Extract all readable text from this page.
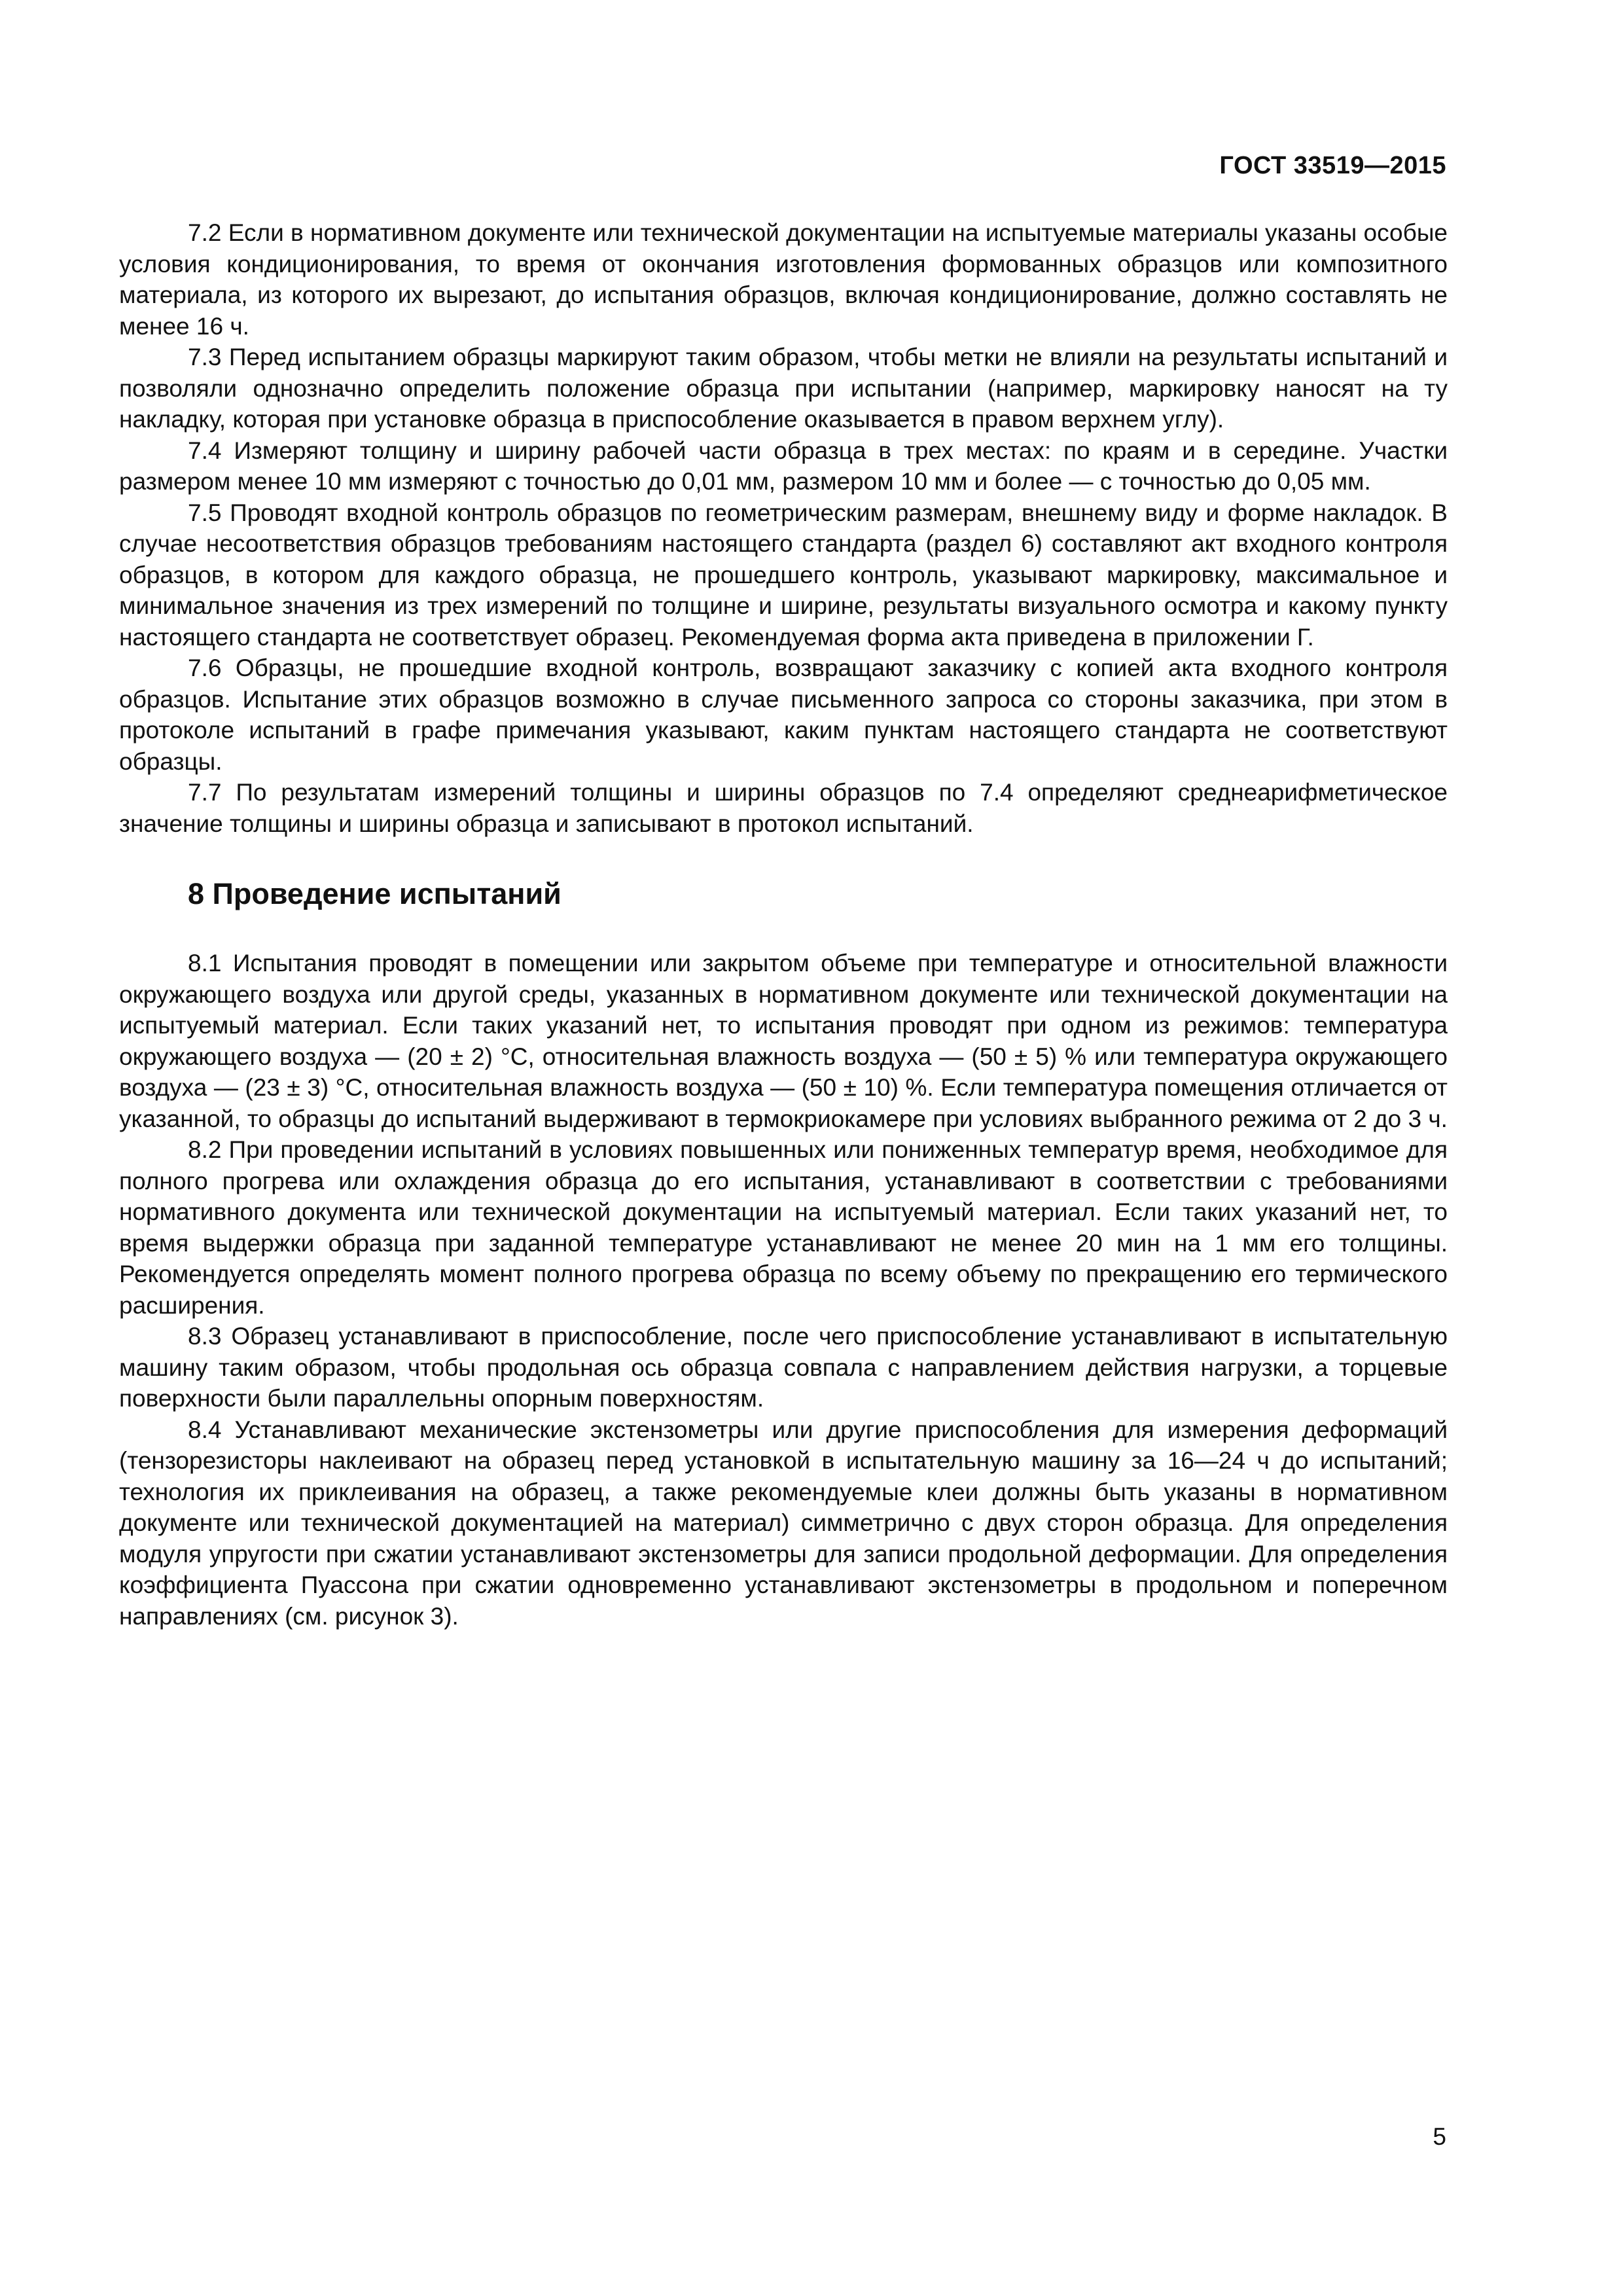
ГОСТ 33519—2015

7.2 Если в нормативном документе или технической документации на испытуемые материалы указаны особые условия кондиционирования, то время от окончания изготовления формованных образцов или композитного материала, из которого их вырезают, до испытания образцов, включая кондиционирование, должно составлять не менее 16 ч.

7.3 Перед испытанием образцы маркируют таким образом, чтобы метки не влияли на результаты испытаний и позволяли однозначно определить положение образца при испытании (например, маркировку наносят на ту накладку, которая при установке образца в приспособление оказывается в правом верхнем углу).

7.4 Измеряют толщину и ширину рабочей части образца в трех местах: по краям и в середине. Участки размером менее 10 мм измеряют с точностью до 0,01 мм, размером 10 мм и более — с точностью до 0,05 мм.

7.5 Проводят входной контроль образцов по геометрическим размерам, внешнему виду и форме накладок. В случае несоответствия образцов требованиям настоящего стандарта (раздел 6) составляют акт входного контроля образцов, в котором для каждого образца, не прошедшего контроль, указывают маркировку, максимальное и минимальное значения из трех измерений по толщине и ширине, результаты визуального осмотра и какому пункту настоящего стандарта не соответствует образец. Рекомендуемая форма акта приведена в приложении Г.

7.6 Образцы, не прошедшие входной контроль, возвращают заказчику с копией акта входного контроля образцов. Испытание этих образцов возможно в случае письменного запроса со стороны заказчика, при этом в протоколе испытаний в графе примечания указывают, каким пунктам настоящего стандарта не соответствуют образцы.

7.7 По результатам измерений толщины и ширины образцов по 7.4 определяют среднеарифметическое значение толщины и ширины образца и записывают в протокол испытаний.

8 Проведение испытаний

8.1 Испытания проводят в помещении или закрытом объеме при температуре и относительной влажности окружающего воздуха или другой среды, указанных в нормативном документе или технической документации на испытуемый материал. Если таких указаний нет, то испытания проводят при одном из режимов: температура окружающего воздуха — (20 ± 2) °С, относительная влажность воздуха — (50 ± 5) % или температура окружающего воздуха — (23 ± 3) °С, относительная влажность воздуха — (50 ± 10) %. Если температура помещения отличается от указанной, то образцы до испытаний выдерживают в термокриокамере при условиях выбранного режима от 2 до 3 ч.

8.2 При проведении испытаний в условиях повышенных или пониженных температур время, необходимое для полного прогрева или охлаждения образца до его испытания, устанавливают в соответствии с требованиями нормативного документа или технической документации на испытуемый материал. Если таких указаний нет, то время выдержки образца при заданной температуре устанавливают не менее 20 мин на 1 мм его толщины. Рекомендуется определять момент полного прогрева образца по всему объему по прекращению его термического расширения.

8.3 Образец устанавливают в приспособление, после чего приспособление устанавливают в испытательную машину таким образом, чтобы продольная ось образца совпала с направлением действия нагрузки, а торцевые поверхности были параллельны опорным поверхностям.

8.4 Устанавливают механические экстензометры или другие приспособления для измерения деформаций (тензорезисторы наклеивают на образец перед установкой в испытательную машину за 16—24 ч до испытаний; технология их приклеивания на образец, а также рекомендуемые клеи должны быть указаны в нормативном документе или технической документацией на материал) симметрично с двух сторон образца. Для определения модуля упругости при сжатии устанавливают экстензометры для записи продольной деформации. Для определения коэффициента Пуассона при сжатии одновременно устанавливают экстензометры в продольном и поперечном направлениях (см. рисунок 3).

5
